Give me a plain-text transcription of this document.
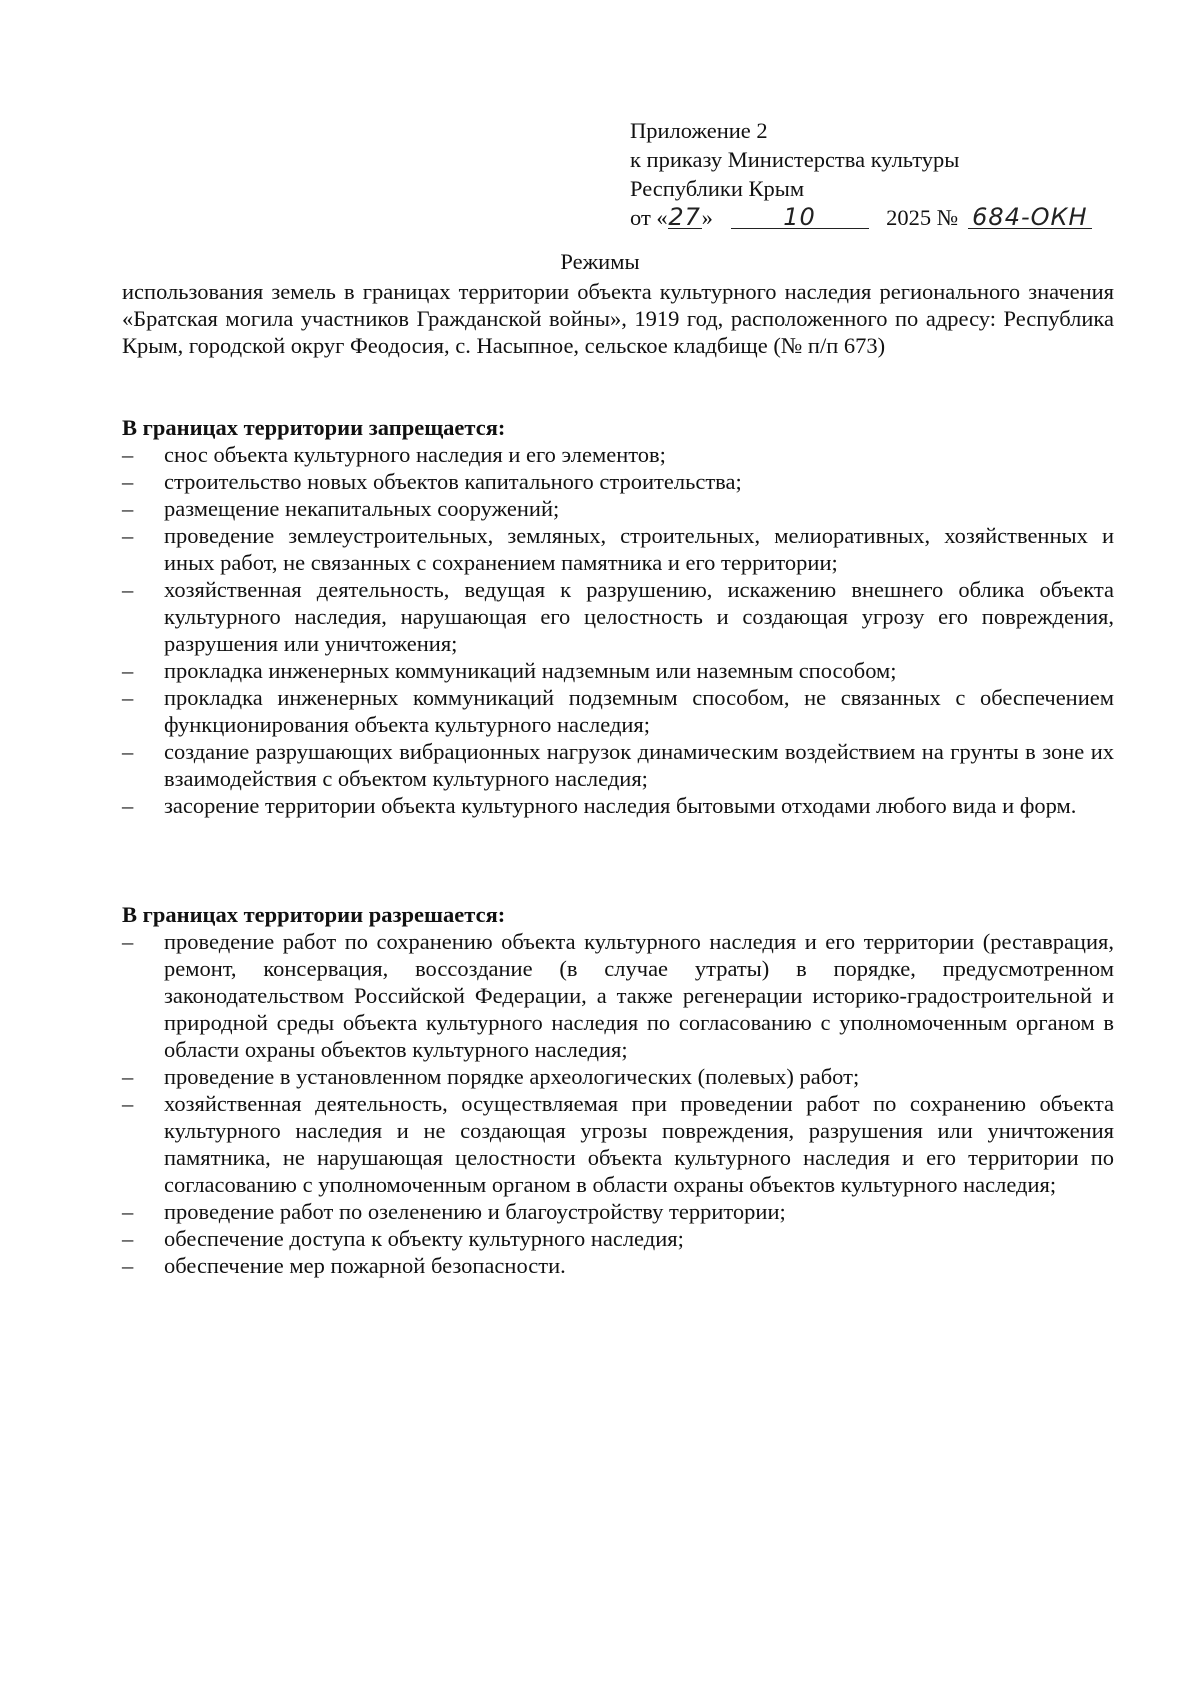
Приложение 2
к приказу Министерства культуры
Республики Крым
от «27»	10	2025 № 684-ОКН
Режимы
использования земель в границах территории объекта культурного наследия регионального значения «Братская могила участников Гражданской войны», 1919 год, расположенного по адресу: Республика Крым, городской округ Феодосия, с. Насыпное, сельское кладбище (№ п/п 673)
В границах территории запрещается:
– снос объекта культурного наследия и его элементов;
– строительство новых объектов капитального строительства;
– размещение некапитальных сооружений;
– проведение землеустроительных, земляных, строительных, мелиоративных, хозяйственных и иных работ, не связанных с сохранением памятника и его территории;
– хозяйственная деятельность, ведущая к разрушению, искажению внешнего облика объекта культурного наследия, нарушающая его целостность и создающая угрозу его повреждения, разрушения или уничтожения;
– прокладка инженерных коммуникаций надземным или наземным способом;
– прокладка инженерных коммуникаций подземным способом, не связанных с обеспечением функционирования объекта культурного наследия;
– создание разрушающих вибрационных нагрузок динамическим воздействием на грунты в зоне их взаимодействия с объектом культурного наследия;
– засорение территории объекта культурного наследия бытовыми отходами любого вида и форм.
В границах территории разрешается:
– проведение работ по сохранению объекта культурного наследия и его территории (реставрация, ремонт, консервация, воссоздание (в случае утраты) в порядке, предусмотренном законодательством Российской Федерации, а также регенерации историко-градостроительной и природной среды объекта культурного наследия по согласованию с уполномоченным органом в области охраны объектов культурного наследия;
– проведение в установленном порядке археологических (полевых) работ;
– хозяйственная деятельность, осуществляемая при проведении работ по сохранению объекта культурного наследия и не создающая угрозы повреждения, разрушения или уничтожения памятника, не нарушающая целостности объекта культурного наследия и его территории по согласованию с уполномоченным органом в области охраны объектов культурного наследия;
– проведение работ по озеленению и благоустройству территории;
– обеспечение доступа к объекту культурного наследия;
– обеспечение мер пожарной безопасности.
